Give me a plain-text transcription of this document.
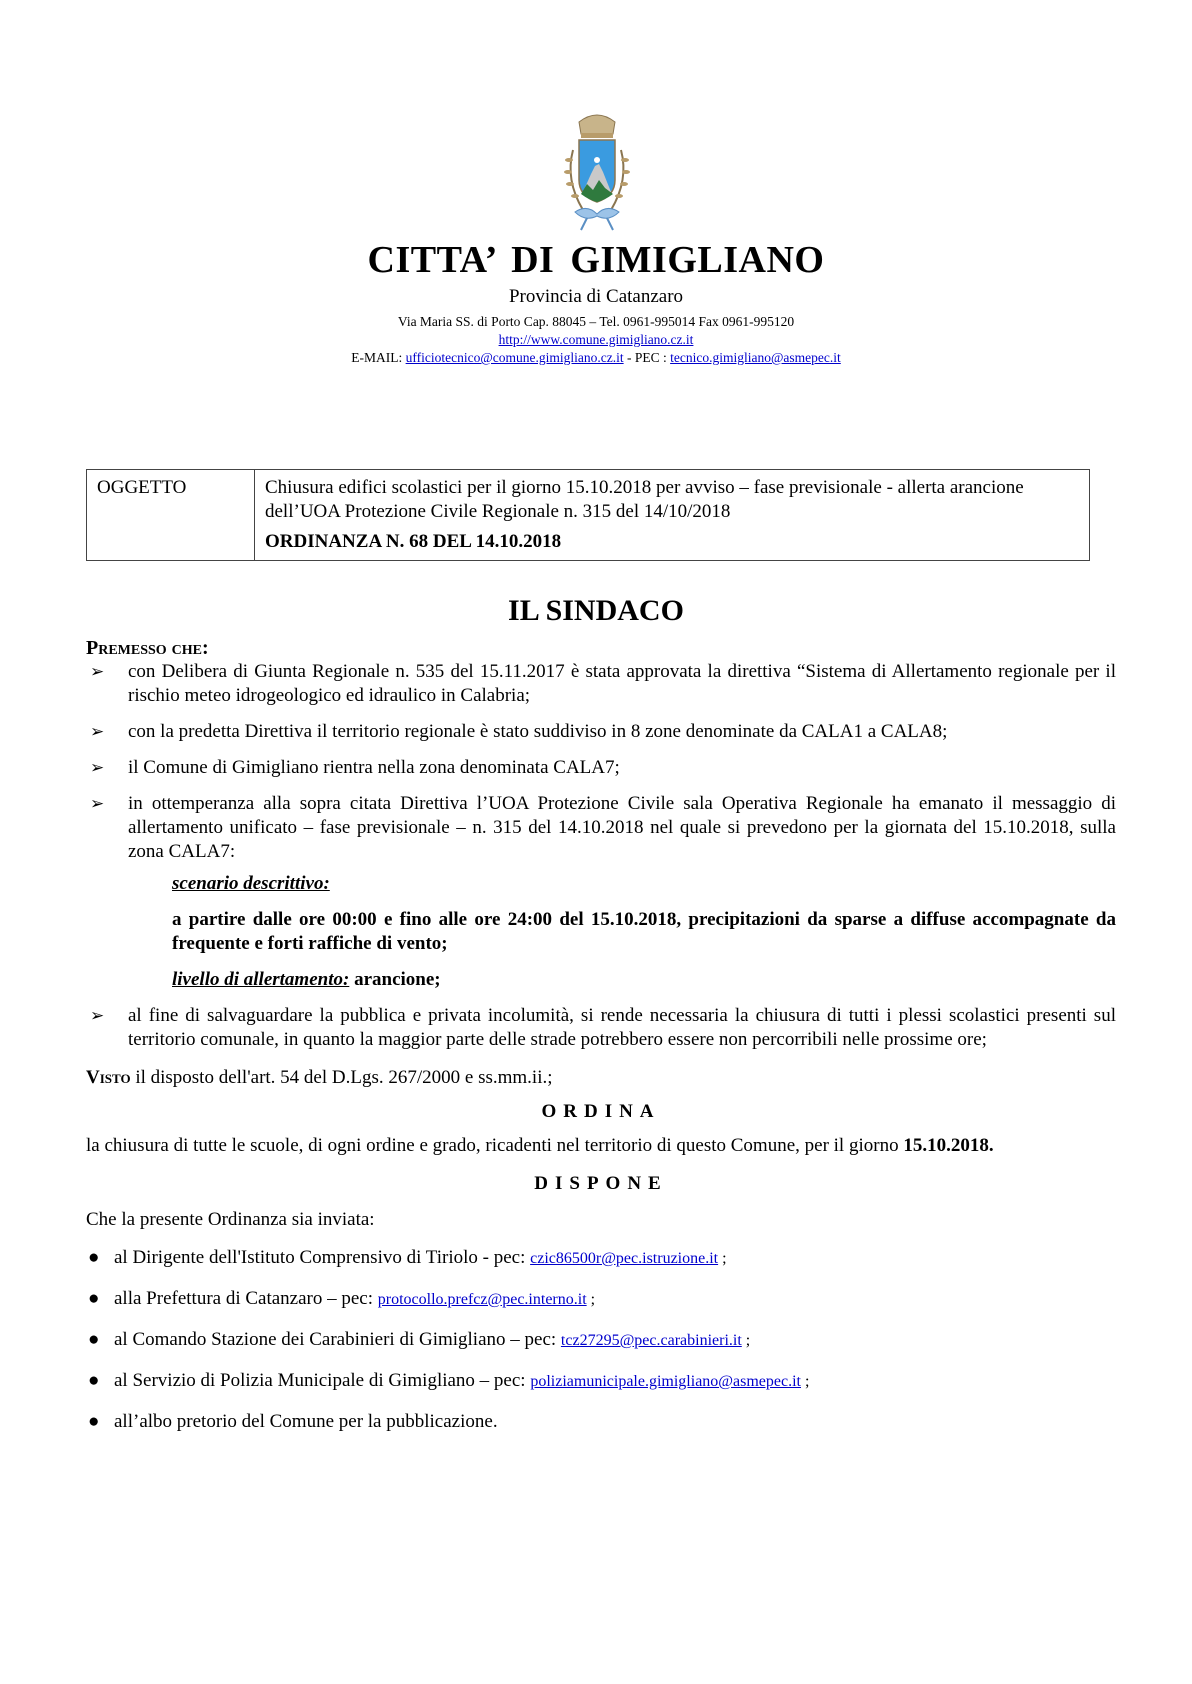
CITTA’ DI GIMIGLIANO
Provincia di Catanzaro
Via Maria SS. di Porto Cap. 88045 – Tel. 0961-995014 Fax 0961-995120
http://www.comune.gimigliano.cz.it
E-MAIL: ufficiotecnico@comune.gimigliano.cz.it - PEC : tecnico.gimigliano@asmepec.it
OGGETTO	Chiusura edifici scolastici per il giorno 15.10.2018 per avviso – fase previsionale - allerta arancione dell’UOA Protezione Civile Regionale n. 315 del 14/10/2018
ORDINANZA N. 68 DEL 14.10.2018
IL SINDACO
Premesso che:
➢ con Delibera di Giunta Regionale n. 535 del 15.11.2017 è stata approvata la direttiva “Sistema di Allertamento regionale per il rischio meteo idrogeologico ed idraulico in Calabria;
➢ con la predetta Direttiva il territorio regionale è stato suddiviso in 8 zone denominate da CALA1 a CALA8;
➢ il Comune di Gimigliano rientra nella zona denominata CALA7;
➢ in ottemperanza alla sopra citata Direttiva l’UOA Protezione Civile sala Operativa Regionale ha emanato il messaggio di allertamento unificato – fase previsionale – n. 315 del 14.10.2018 nel quale si prevedono per la giornata del 15.10.2018, sulla zona CALA7:
scenario descrittivo:
a partire dalle ore 00:00 e fino alle ore 24:00 del 15.10.2018, precipitazioni da sparse a diffuse accompagnate da frequente e forti raffiche di vento;
livello di allertamento: arancione;
➢ al fine di salvaguardare la pubblica e privata incolumità, si rende necessaria la chiusura di tutti i plessi scolastici presenti sul territorio comunale, in quanto la maggior parte delle strade potrebbero essere non percorribili nelle prossime ore;
Visto il disposto dell'art. 54 del D.Lgs. 267/2000 e ss.mm.ii.;
ORDINA
la chiusura di tutte le scuole, di ogni ordine e grado, ricadenti nel territorio di questo Comune, per il giorno 15.10.2018.
DISPONE
Che la presente Ordinanza sia inviata:
● al Dirigente dell'Istituto Comprensivo di Tiriolo - pec: czic86500r@pec.istruzione.it ;
● alla Prefettura di Catanzaro – pec: protocollo.prefcz@pec.interno.it ;
● al Comando Stazione dei Carabinieri di Gimigliano – pec: tcz27295@pec.carabinieri.it ;
● al Servizio di Polizia Municipale di Gimigliano – pec: poliziamunicipale.gimigliano@asmepec.it ;
● all’albo pretorio del Comune per la pubblicazione.
